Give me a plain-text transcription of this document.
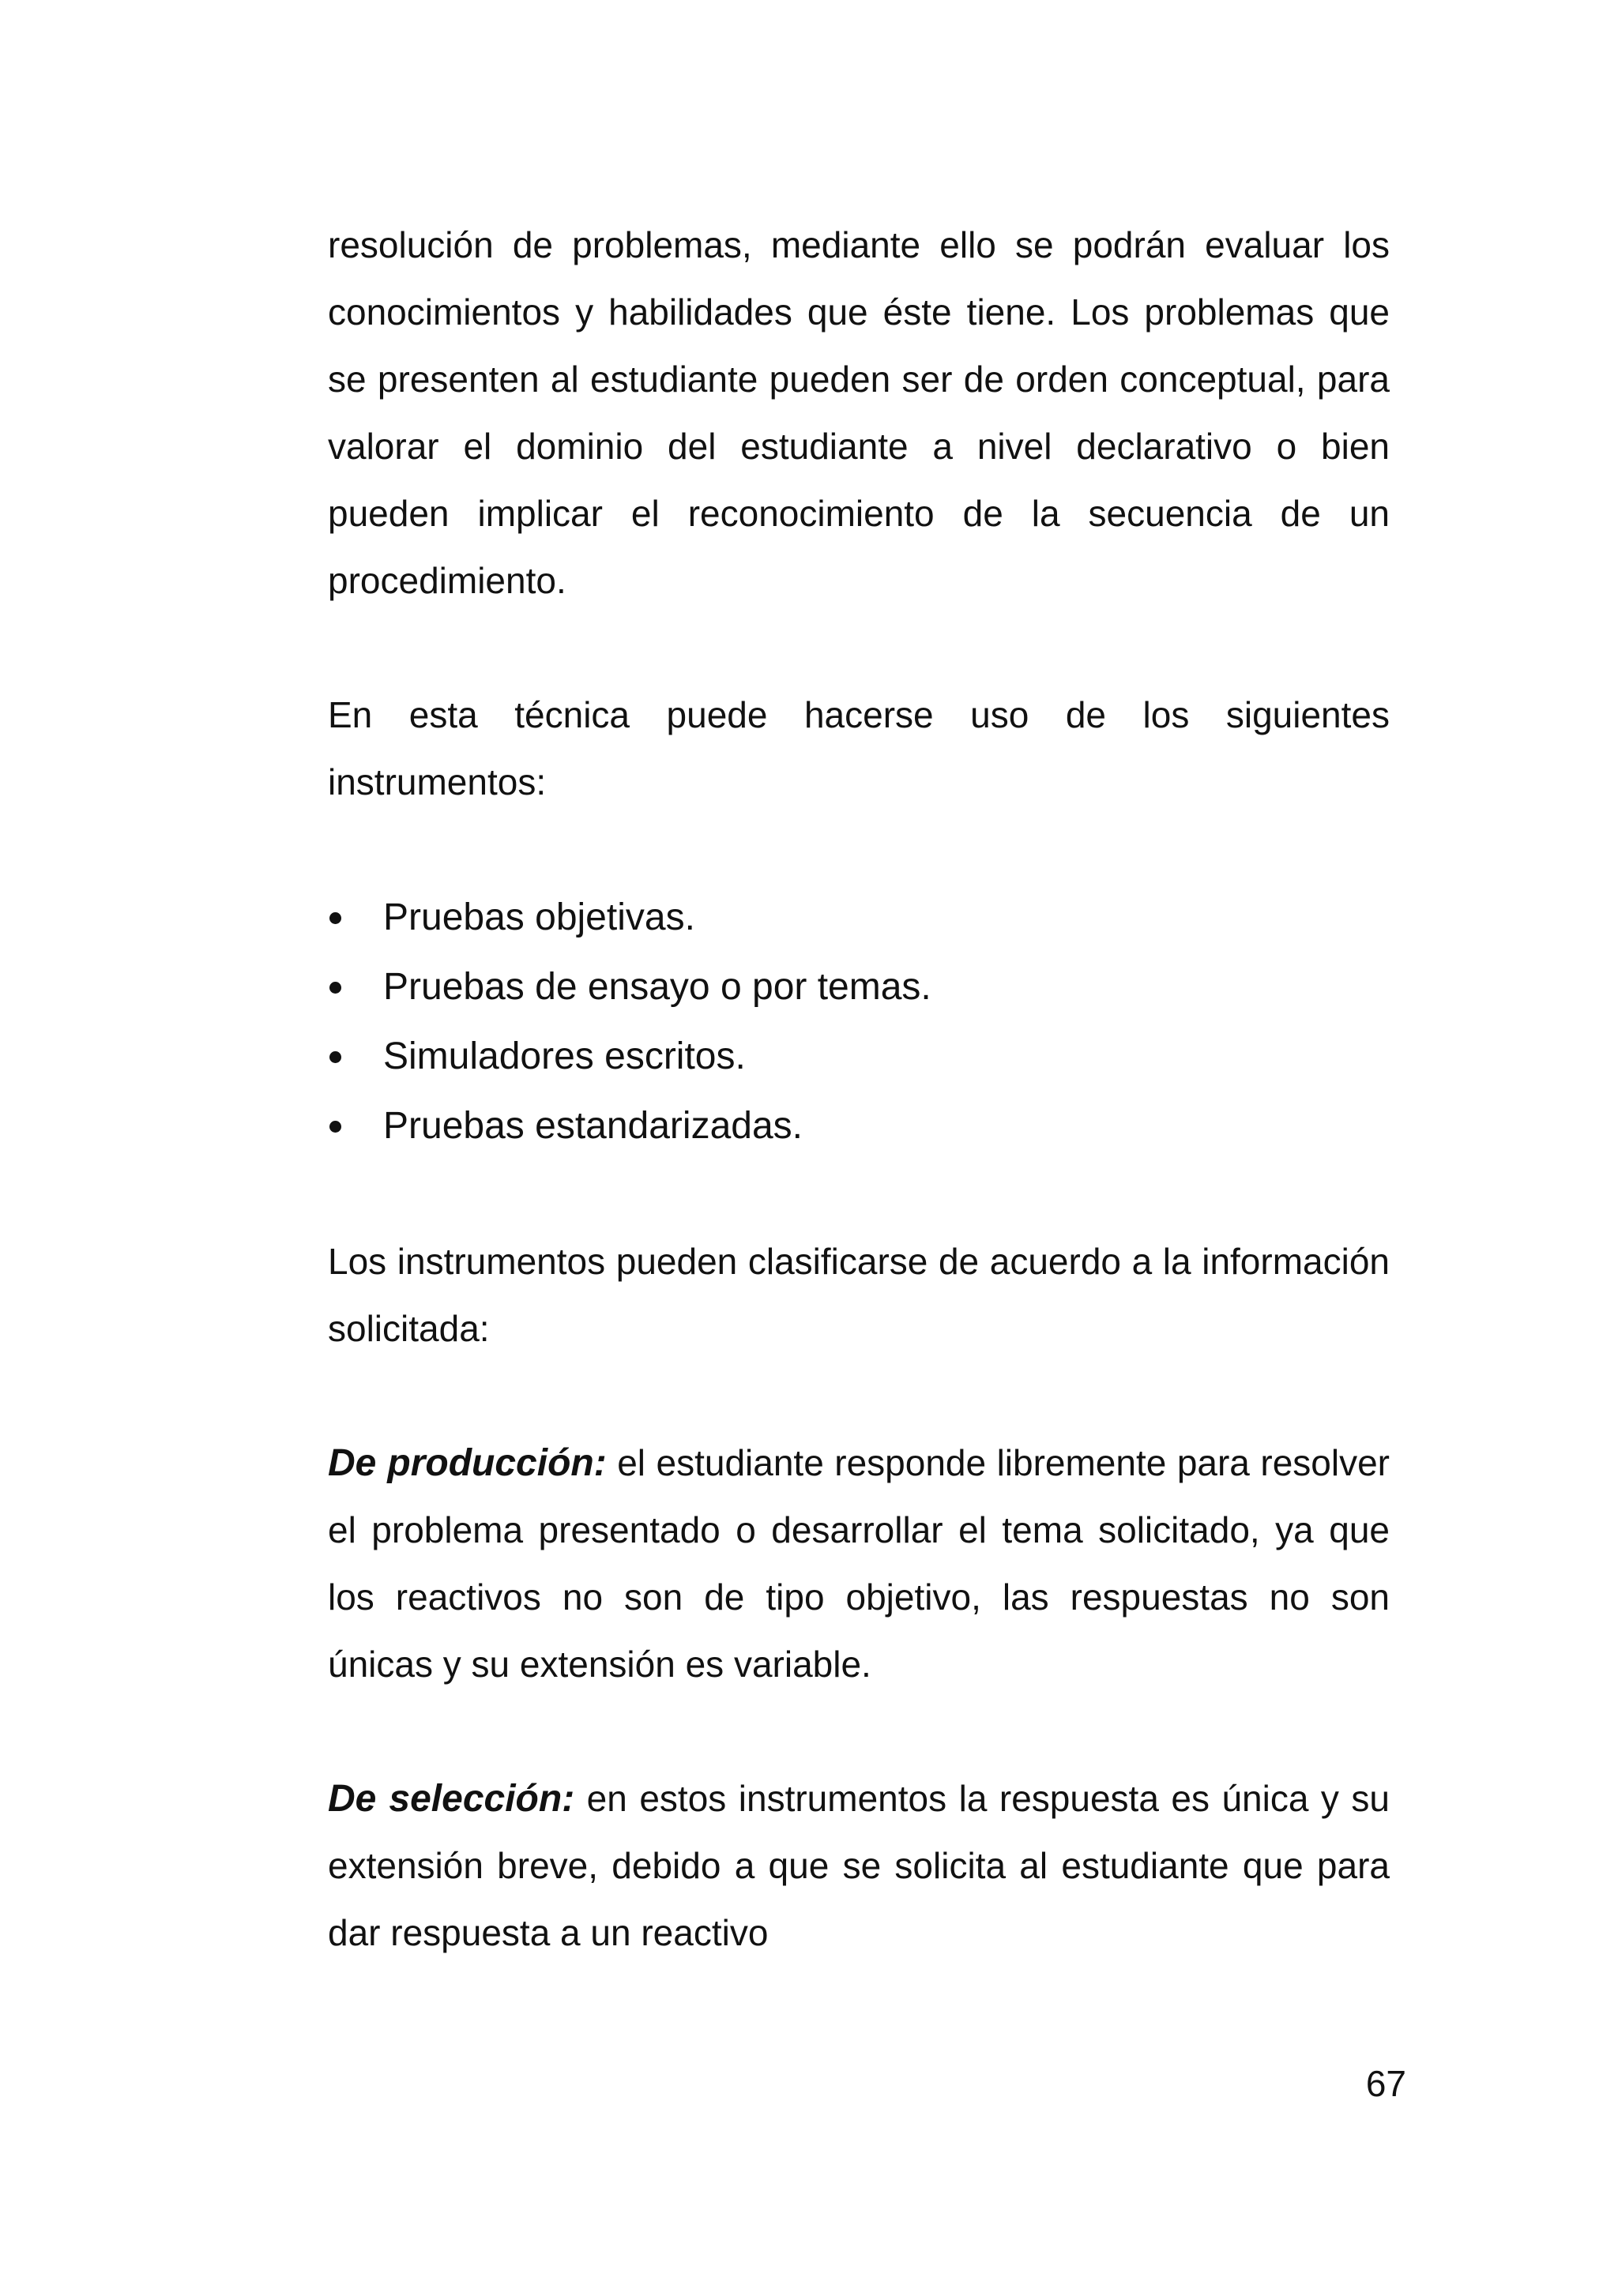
resolución de problemas, mediante ello se podrán evaluar los conocimientos y habilidades que éste tiene. Los problemas que se presenten al estudiante pueden ser de orden conceptual, para valorar el dominio del estudiante a nivel declarativo o bien pueden implicar el reconocimiento de la secuencia de un procedimiento.

En esta técnica puede hacerse uso de los siguientes instrumentos:

Pruebas objetivas.
Pruebas de ensayo o por temas.
Simuladores escritos.
Pruebas estandarizadas.

Los instrumentos pueden clasificarse de acuerdo a la información solicitada:

De producción: el estudiante responde libremente para resolver el problema presentado o desarrollar el tema solicitado, ya que los reactivos no son de tipo objetivo, las respuestas no son únicas y su extensión es variable.

De selección: en estos instrumentos la respuesta es única y su extensión breve, debido a que se solicita al estudiante que para dar respuesta a un reactivo

67
